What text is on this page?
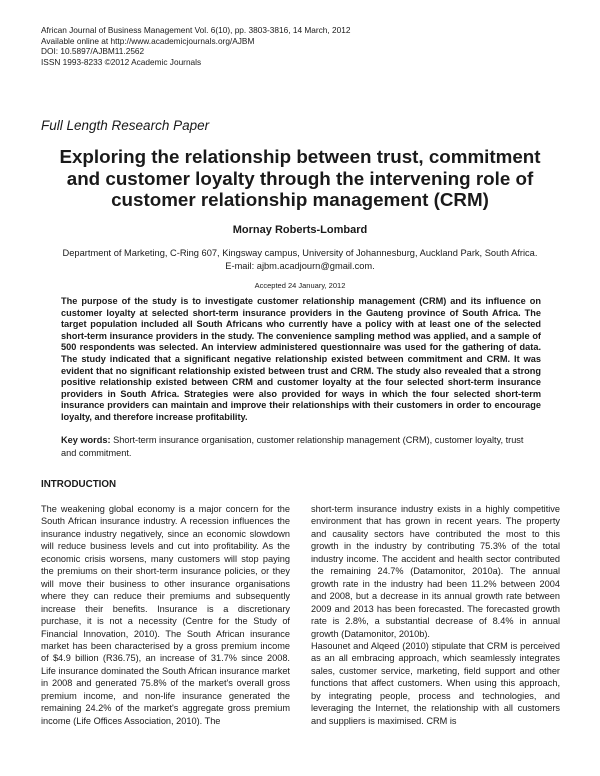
African Journal of Business Management Vol. 6(10), pp. 3803-3816, 14 March, 2012
Available online at http://www.academicjournals.org/AJBM
DOI: 10.5897/AJBM11.2562
ISSN 1993-8233 ©2012 Academic Journals
Full Length Research Paper
Exploring the relationship between trust, commitment and customer loyalty through the intervening role of customer relationship management (CRM)
Mornay Roberts-Lombard
Department of Marketing, C-Ring 607, Kingsway campus, University of Johannesburg, Auckland Park, South Africa.
E-mail: ajbm.acadjourn@gmail.com.
Accepted 24 January, 2012

The purpose of the study is to investigate customer relationship management (CRM) and its influence on customer loyalty at selected short-term insurance providers in the Gauteng province of South Africa. The target population included all South Africans who currently have a policy with at least one of the selected short-term insurance providers in the study. The convenience sampling method was applied, and a sample of 500 respondents was selected. An interview administered questionnaire was used for the gathering of data. The study indicated that a significant negative relationship existed between commitment and CRM. It was evident that no significant relationship existed between trust and CRM. The study also revealed that a strong positive relationship existed between CRM and customer loyalty at the four selected short-term insurance providers in South Africa. Strategies were also provided for ways in which the four selected short-term insurance providers can maintain and improve their relationships with their customers in order to encourage loyalty, and therefore increase profitability.

Key words: Short-term insurance organisation, customer relationship management (CRM), customer loyalty, trust and commitment.

INTRODUCTION

The weakening global economy is a major concern for the South African insurance industry. A recession influences the insurance industry negatively, since an economic slowdown will reduce business levels and cut into profitability. As the economic crisis worsens, many customers will stop paying the premiums on their short-term insurance policies, or they will move their business to other insurance organisations where they can reduce their premiums and subsequently increase their benefits. Insurance is a discretionary purchase, it is not a necessity (Centre for the Study of Financial Innovation, 2010). The South African insurance market has been characterised by a gross premium income of $4.9 billion (R36.75), an increase of 31.7% since 2008. Life insurance dominated the South African insurance market in 2008 and generated 75.8% of the market's overall gross premium income, and non-life insurance generated the remaining 24.2% of the market's aggregate gross premium income (Life Offices Association, 2010). The

short-term insurance industry exists in a highly competitive environment that has grown in recent years. The property and causality sectors have contributed the most to this growth in the industry by contributing 75.3% of the total industry income. The accident and health sector contributed the remaining 24.7% (Datamonitor, 2010a). The annual growth rate in the industry had been 11.2% between 2004 and 2008, but a decrease in its annual growth rate between 2009 and 2013 has been forecasted. The forecasted growth rate is 2.8%, a substantial decrease of 8.4% in annual growth (Datamonitor, 2010b).

Hasounet and Alqeed (2010) stipulate that CRM is perceived as an all embracing approach, which seamlessly integrates sales, customer service, marketing, field support and other functions that affect customers. When using this approach, by integrating people, process and technologies, and leveraging the Internet, the relationship with all customers and suppliers is maximised. CRM is
